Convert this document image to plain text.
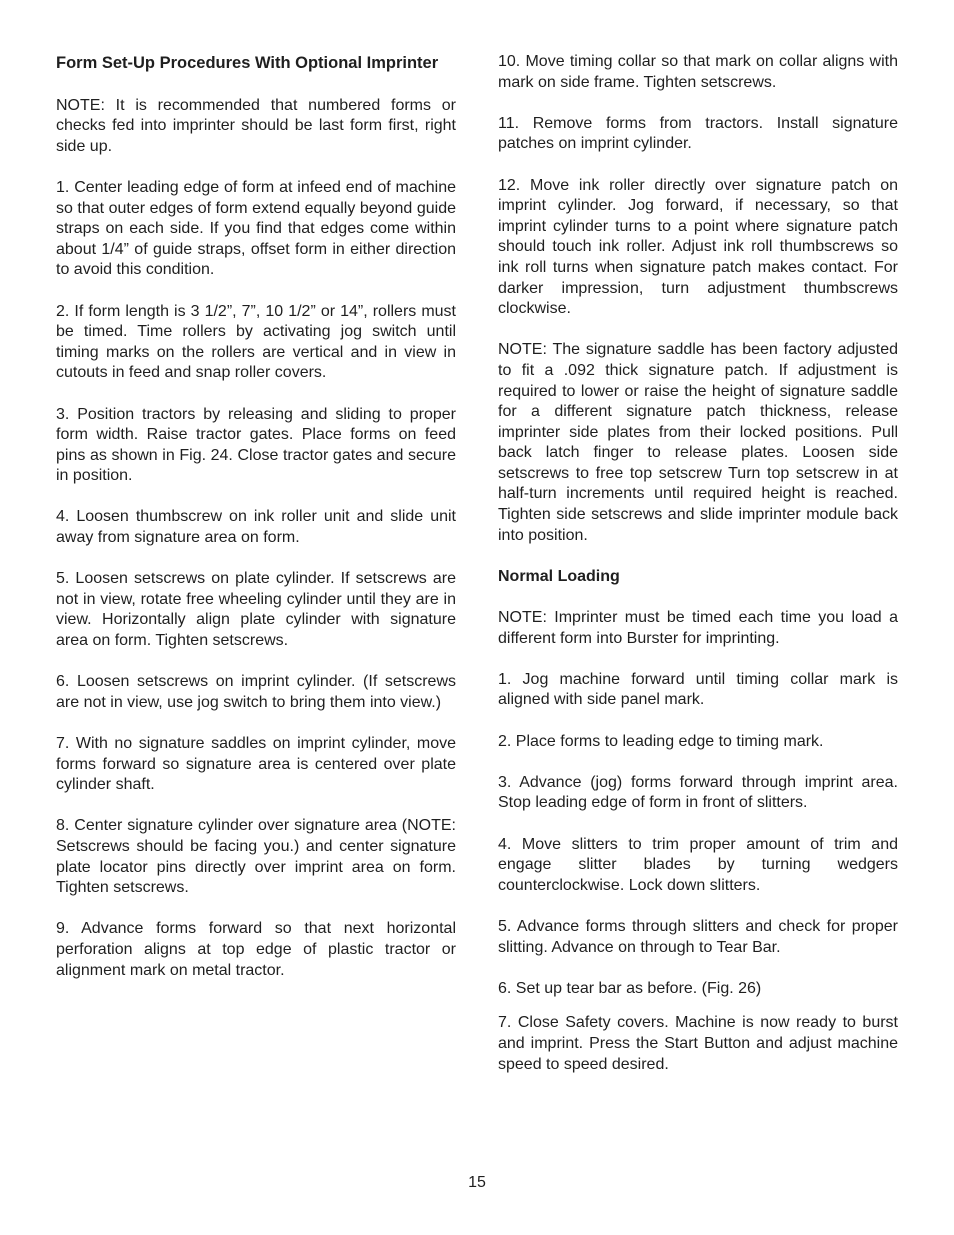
Form Set-Up Procedures With Optional Imprinter

NOTE: It is recommended that numbered forms or checks fed into imprinter should be last form first, right side up.

1. Center leading edge of form at infeed end of machine so that outer edges of form extend equally beyond guide straps on each side. If you find that edges come within about 1/4” of guide straps, offset form in either direction to avoid this condition.

2. If form length is 3 1/2”, 7”, 10 1/2” or 14”, rollers must be timed. Time rollers by activating jog switch until timing marks on the rollers are vertical and in view in cutouts in feed and snap roller covers.

3. Position tractors by releasing and sliding to proper form width. Raise tractor gates. Place forms on feed pins as shown in Fig. 24. Close tractor gates and secure in position.

4. Loosen thumbscrew on ink roller unit and slide unit away from signature area on form.

5. Loosen setscrews on plate cylinder. If setscrews are not in view, rotate free wheeling cylinder until they are in view. Horizontally align plate cylinder with signature area on form. Tighten setscrews.

6. Loosen setscrews on imprint cylinder. (If setscrews are not in view, use jog switch to bring them into view.)

7. With no signature saddles on imprint cylinder, move forms forward so signature area is centered over plate cylinder shaft.

8. Center signature cylinder over signature area (NOTE: Setscrews should be facing you.) and center signature plate locator pins directly over imprint area on form. Tighten setscrews.

9. Advance forms forward so that next horizontal perforation aligns at top edge of plastic tractor or alignment mark on metal tractor.

10. Move timing collar so that mark on collar aligns with mark on side frame. Tighten setscrews.

11. Remove forms from tractors. Install signature patches on imprint cylinder.

12. Move ink roller directly over signature patch on imprint cylinder. Jog forward, if necessary, so that imprint cylinder turns to a point where signature patch should touch ink roller. Adjust ink roll thumbscrews so ink roll turns when signature patch makes contact. For darker impression, turn adjustment thumbscrews clockwise.

NOTE: The signature saddle has been factory adjusted to fit a .092 thick signature patch. If adjustment is required to lower or raise the height of signature saddle for a different signature patch thickness, release imprinter side plates from their locked positions. Pull back latch finger to release plates. Loosen side setscrews to free top setscrew Turn top setscrew in at half-turn increments until required height is reached. Tighten side setscrews and slide imprinter module back into position.

Normal Loading

NOTE: Imprinter must be timed each time you load a different form into Burster for imprinting.

1. Jog machine forward until timing collar mark is aligned with side panel mark.

2. Place forms to leading edge to timing mark.

3. Advance (jog) forms forward through imprint area. Stop leading edge of form in front of slitters.

4. Move slitters to trim proper amount of trim and engage slitter blades by turning wedgers counterclockwise. Lock down slitters.

5. Advance forms through slitters and check for proper slitting. Advance on through to Tear Bar.

6. Set up tear bar as before. (Fig. 26)

7. Close Safety covers. Machine is now ready to burst and imprint. Press the Start Button and adjust machine speed to speed desired.

15
